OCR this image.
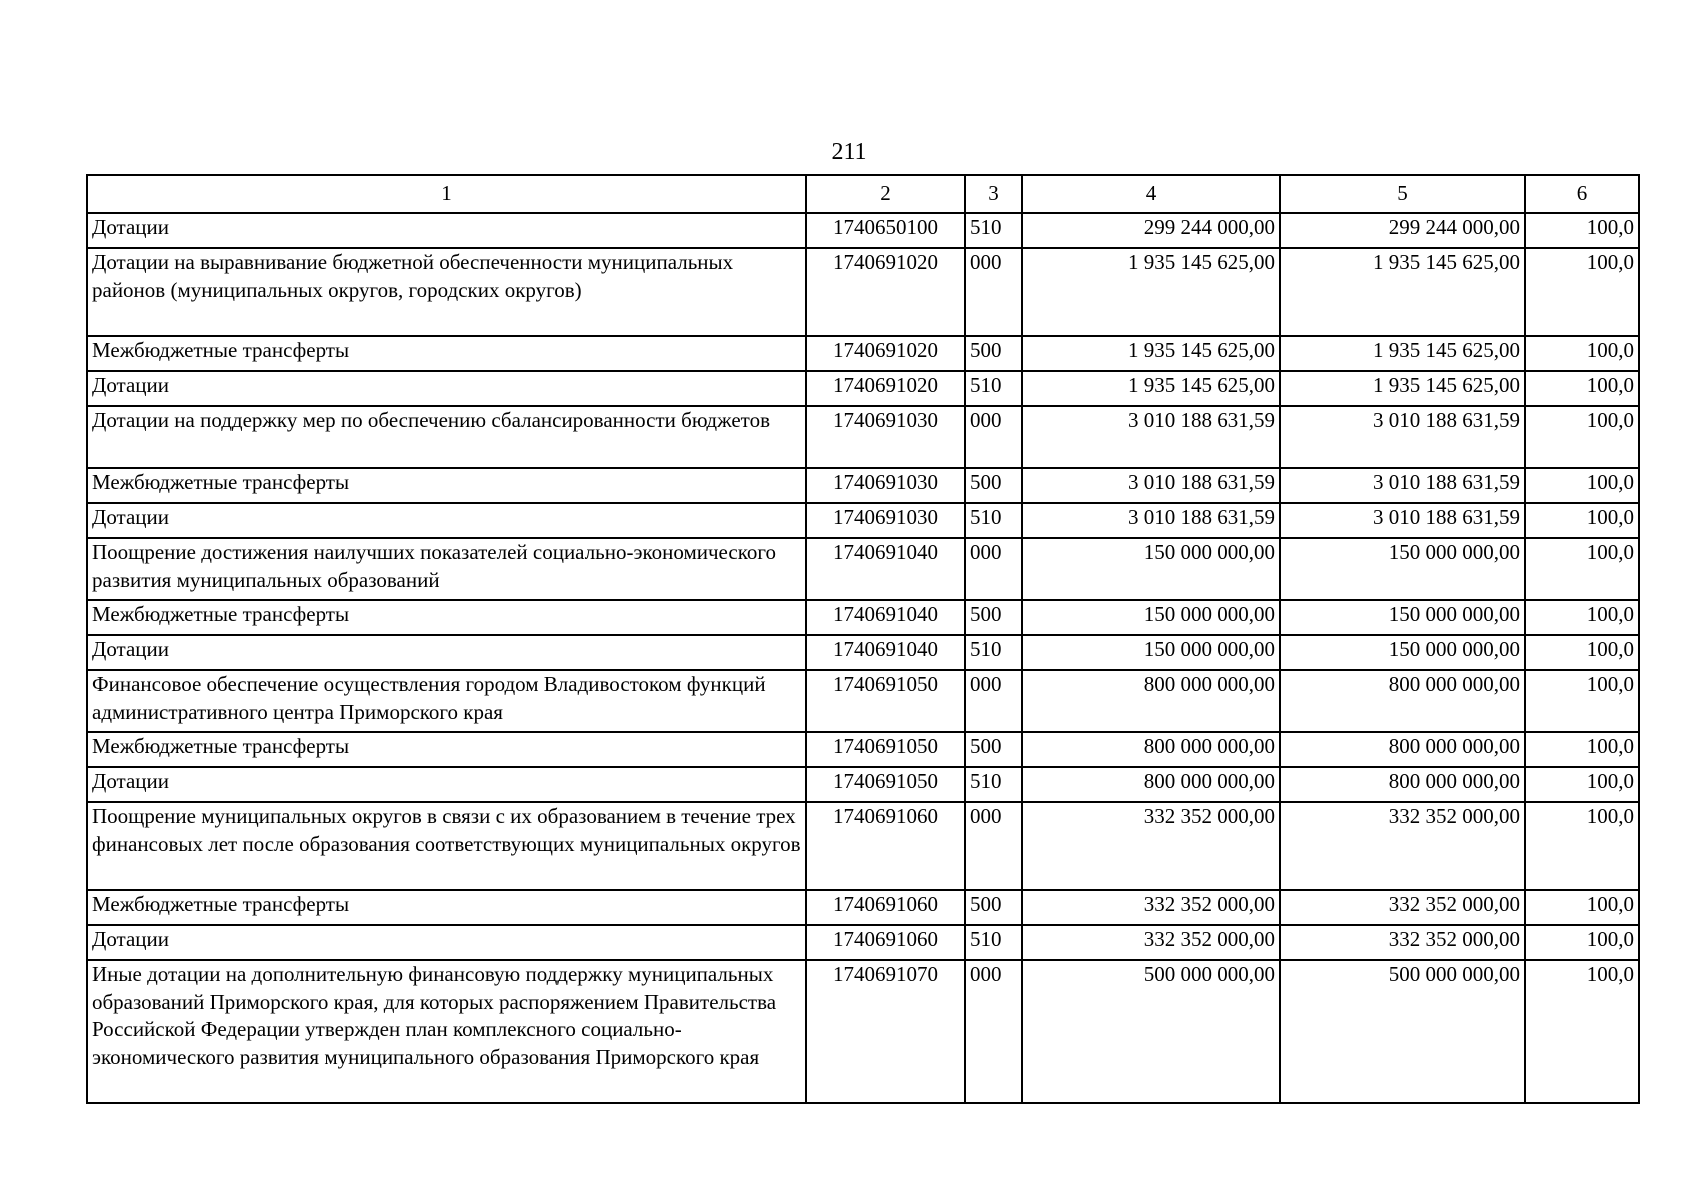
211
1	2	3	4	5	6
Дотации	1740650100	510	299 244 000,00	299 244 000,00	100,0
Дотации на выравнивание бюджетной обеспеченности муниципальных районов (муниципальных округов, городских округов)	1740691020	000	1 935 145 625,00	1 935 145 625,00	100,0
Межбюджетные трансферты	1740691020	500	1 935 145 625,00	1 935 145 625,00	100,0
Дотации	1740691020	510	1 935 145 625,00	1 935 145 625,00	100,0
Дотации на поддержку мер по обеспечению сбалансированности бюджетов	1740691030	000	3 010 188 631,59	3 010 188 631,59	100,0
Межбюджетные трансферты	1740691030	500	3 010 188 631,59	3 010 188 631,59	100,0
Дотации	1740691030	510	3 010 188 631,59	3 010 188 631,59	100,0
Поощрение достижения наилучших показателей социально-экономического развития муниципальных образований	1740691040	000	150 000 000,00	150 000 000,00	100,0
Межбюджетные трансферты	1740691040	500	150 000 000,00	150 000 000,00	100,0
Дотации	1740691040	510	150 000 000,00	150 000 000,00	100,0
Финансовое обеспечение осуществления городом Владивостоком функций административного центра Приморского края	1740691050	000	800 000 000,00	800 000 000,00	100,0
Межбюджетные трансферты	1740691050	500	800 000 000,00	800 000 000,00	100,0
Дотации	1740691050	510	800 000 000,00	800 000 000,00	100,0
Поощрение муниципальных округов в связи с их образованием в течение трех финансовых лет после образования соответствующих муниципальных округов	1740691060	000	332 352 000,00	332 352 000,00	100,0
Межбюджетные трансферты	1740691060	500	332 352 000,00	332 352 000,00	100,0
Дотации	1740691060	510	332 352 000,00	332 352 000,00	100,0
Иные дотации на дополнительную финансовую поддержку муниципальных образований Приморского края, для которых распоряжением Правительства Российской Федерации утвержден план комплексного социально-экономического развития муниципального образования Приморского края	1740691070	000	500 000 000,00	500 000 000,00	100,0
